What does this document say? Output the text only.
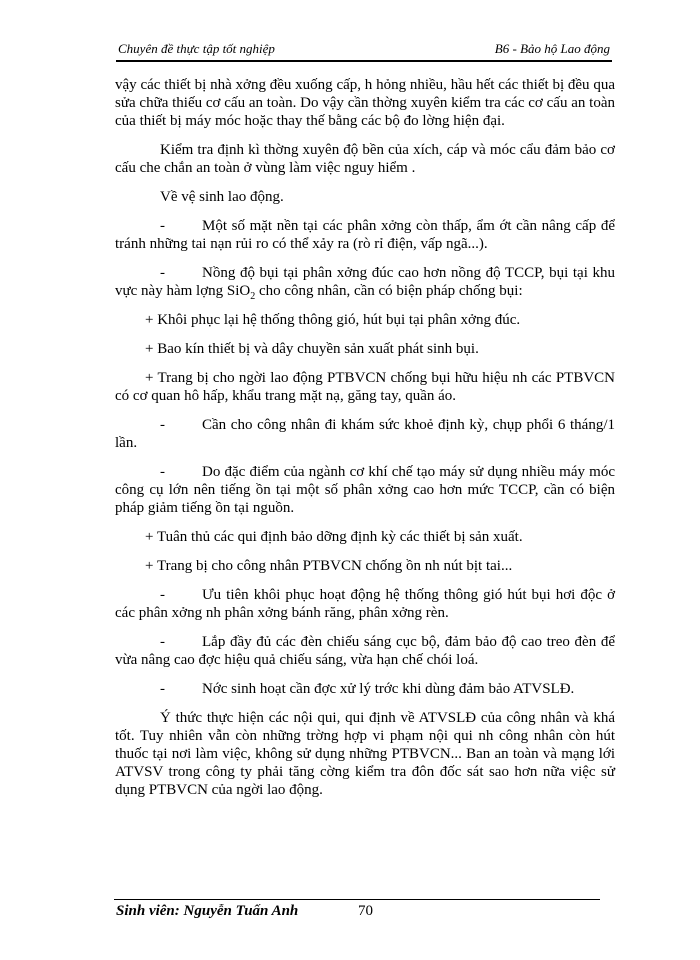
Chuyên đề thực tập tốt nghiệp	B6 - Bảo hộ Lao động

vậy các thiết bị nhà xởng đều xuống cấp, h hỏng nhiều, hầu hết các thiết bị đều qua sửa chữa thiếu cơ cấu an toàn. Do vậy cần thờng xuyên kiểm tra các cơ cấu an toàn của thiết bị máy móc hoặc thay thế bằng các bộ đo lờng hiện đại.

Kiểm tra định kì thờng xuyên độ bền của xích, cáp và móc cẩu đảm bảo cơ cấu che chắn an toàn ở vùng làm việc nguy hiểm .

Về vệ sinh lao động.

- Một số mặt nền tại các phân xởng còn thấp, ẩm ớt cần nâng cấp để tránh những tai nạn rủi ro có thể xảy ra (rò rỉ điện, vấp ngã...).

- Nồng độ bụi tại phân xởng đúc cao hơn nồng độ TCCP, bụi tại khu vực này hàm lợng SiO$_2$ cho công nhân, cần có biện pháp chống bụi:

+ Khôi phục lại hệ thống thông gió, hút bụi tại phân xởng đúc.

+ Bao kín thiết bị và dây chuyền sản xuất phát sinh bụi.

+ Trang bị cho ngời lao động PTBVCN chống bụi hữu hiệu nh các PTBVCN có cơ quan hô hấp, khẩu trang mặt nạ, găng tay, quần áo.

- Cần cho công nhân đi khám sức khoẻ định kỳ, chụp phổi 6 tháng/1 lần.

- Do đặc điểm của ngành cơ khí chế tạo máy sử dụng nhiều máy móc công cụ lớn nên tiếng ồn tại một số phân xởng cao hơn mức TCCP, cần có biện pháp giảm tiếng ồn tại nguồn.

+ Tuân thủ các qui định bảo dỡng định kỳ các thiết bị sản xuất.

+ Trang bị cho công nhân PTBVCN chống ồn nh nút bịt tai...

- Ưu tiên khôi phục hoạt động hệ thống thông gió hút bụi hơi độc ở các phân xởng nh phân xởng bánh răng, phân xởng rèn.

- Lắp đầy đủ các đèn chiếu sáng cục bộ, đảm bảo độ cao treo đèn để vừa nâng cao đợc hiệu quả chiếu sáng, vừa hạn chế chói loá.

- Nớc sinh hoạt cần đợc xử lý trớc khi dùng đảm bảo ATVSLĐ.

Ý thức thực hiện các nội qui, qui định về ATVSLĐ của công nhân và khá tốt. Tuy nhiên vẫn còn những trờng hợp vi phạm nội qui nh công nhân còn hút thuốc tại nơi làm việc, không sử dụng những PTBVCN... Ban an toàn và mạng lới ATVSV trong công ty phải tăng cờng kiểm tra đôn đốc sát sao hơn nữa việc sử dụng PTBVCN của ngời lao động.

Sinh viên: Nguyễn Tuấn Anh	70
